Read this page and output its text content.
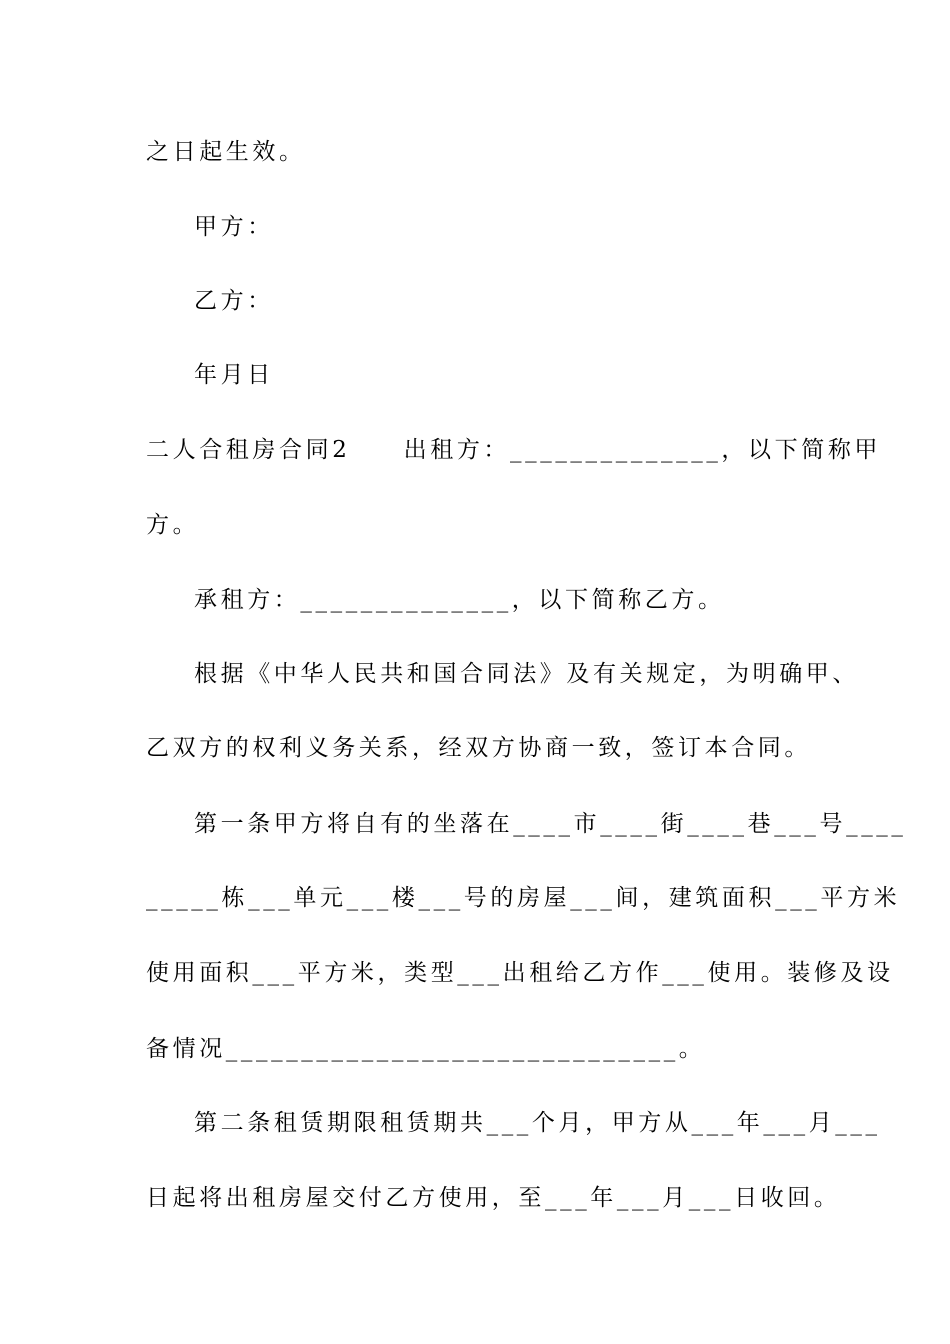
之日起生效。
甲方：
乙方：
年月日
二人合租房合同2　　出租方：______________，以下简称甲
方。
承租方：______________，以下简称乙方。
根据《中华人民共和国合同法》及有关规定，为明确甲、
乙双方的权利义务关系，经双方协商一致，签订本合同。
第一条甲方将自有的坐落在____市____街____巷___号____
_____栋___单元___楼___号的房屋___间，建筑面积___平方米
使用面积___平方米，类型___出租给乙方作___使用。装修及设
备情况______________________________。
第二条租赁期限租赁期共___个月，甲方从___年___月___
日起将出租房屋交付乙方使用，至___年___月___日收回。
